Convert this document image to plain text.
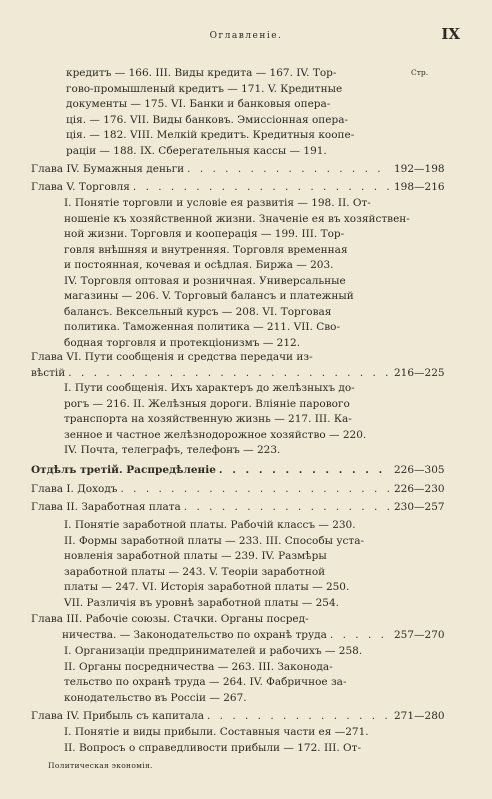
Оглавленiе.	IX
Стр.
кредитъ — 166. III. Виды кредита — 167. IV. Тор-
гово-промышленый кредитъ — 171. V. Кредитные
документы — 175. VI. Банки и банковыя опера-
цiя. — 176. VII. Виды банковъ. Эмиссiонная опера-
цiя. — 182. VIII. Мелкiй кредитъ. Кредитныя коопе-
рацiи — 188. IX. Сберегательныя кассы — 191.
Глава IV. Бумажныя деньги . . .	192—198
Глава V. Торговля . . .	198—216
I. Понятiе торговли и условiе ея развитiя — 198. II. От-
ношенiе къ хозяйственной жизни. Значенiе ея въ хозяйствен-
ной жизни. Торговля и кооперацiя — 199. III. Тор-
говля внѣшняя и внутренняя. Торговля временная
и постоянная, кочевая и осѣдлая. Биржа — 203.
IV. Торговля оптовая и розничная. Универсальные
магазины — 206. V. Торговый балансъ и платежный
балансъ. Вексельный курсъ — 208. VI. Торговая
политика. Таможенная политика — 211. VII. Сво-
бодная торговля и протекцiонизмъ — 212.
Глава VI. Пути сообщенiя и средства передачи из-
вѣстiй . . .	216—225
I. Пути сообщенiя. Ихъ характеръ до желѣзныхъ до-
рогъ — 216. II. Желѣзныя дороги. Влiянiе парового
транспорта на хозяйственную жизнь — 217. III. Ка-
зенное и частное желѣзнодорожное хозяйство — 220.
IV. Почта, телеграфъ, телефонъ — 223.
Отдѣлъ третiй. Распредѣленiе . . .	226—305
Глава I. Доходъ . . .	226—230
Глава II. Заработная плата . . .	230—257
I. Понятiе заработной платы. Рабочiй классъ — 230.
II. Формы заработной платы — 233. III. Способы уста-
новленiя заработной платы — 239. IV. Размѣры
заработной платы — 243. V. Теорiи заработной
платы — 247. VI. Исторiя заработной платы — 250.
VII. Различiя въ уровнѣ заработной платы — 254.
Глава III. Рабочiе союзы. Стачки. Органы посред-
ничества. — Законодательство по охранѣ труда . . .	257—270
I. Организацiи предпринимателей и рабочихъ — 258.
II. Органы посредничества — 263. III. Законода-
тельство по охранѣ труда — 264. IV. Фабричное за-
конодательство въ Россiи — 267.
Глава IV. Прибыль съ капитала . . .	271—280
I. Понятiе и виды прибыли. Составныя части ея —271.
II. Вопросъ о справедливости прибыли — 172. III. От-
Политическая экономiя.
